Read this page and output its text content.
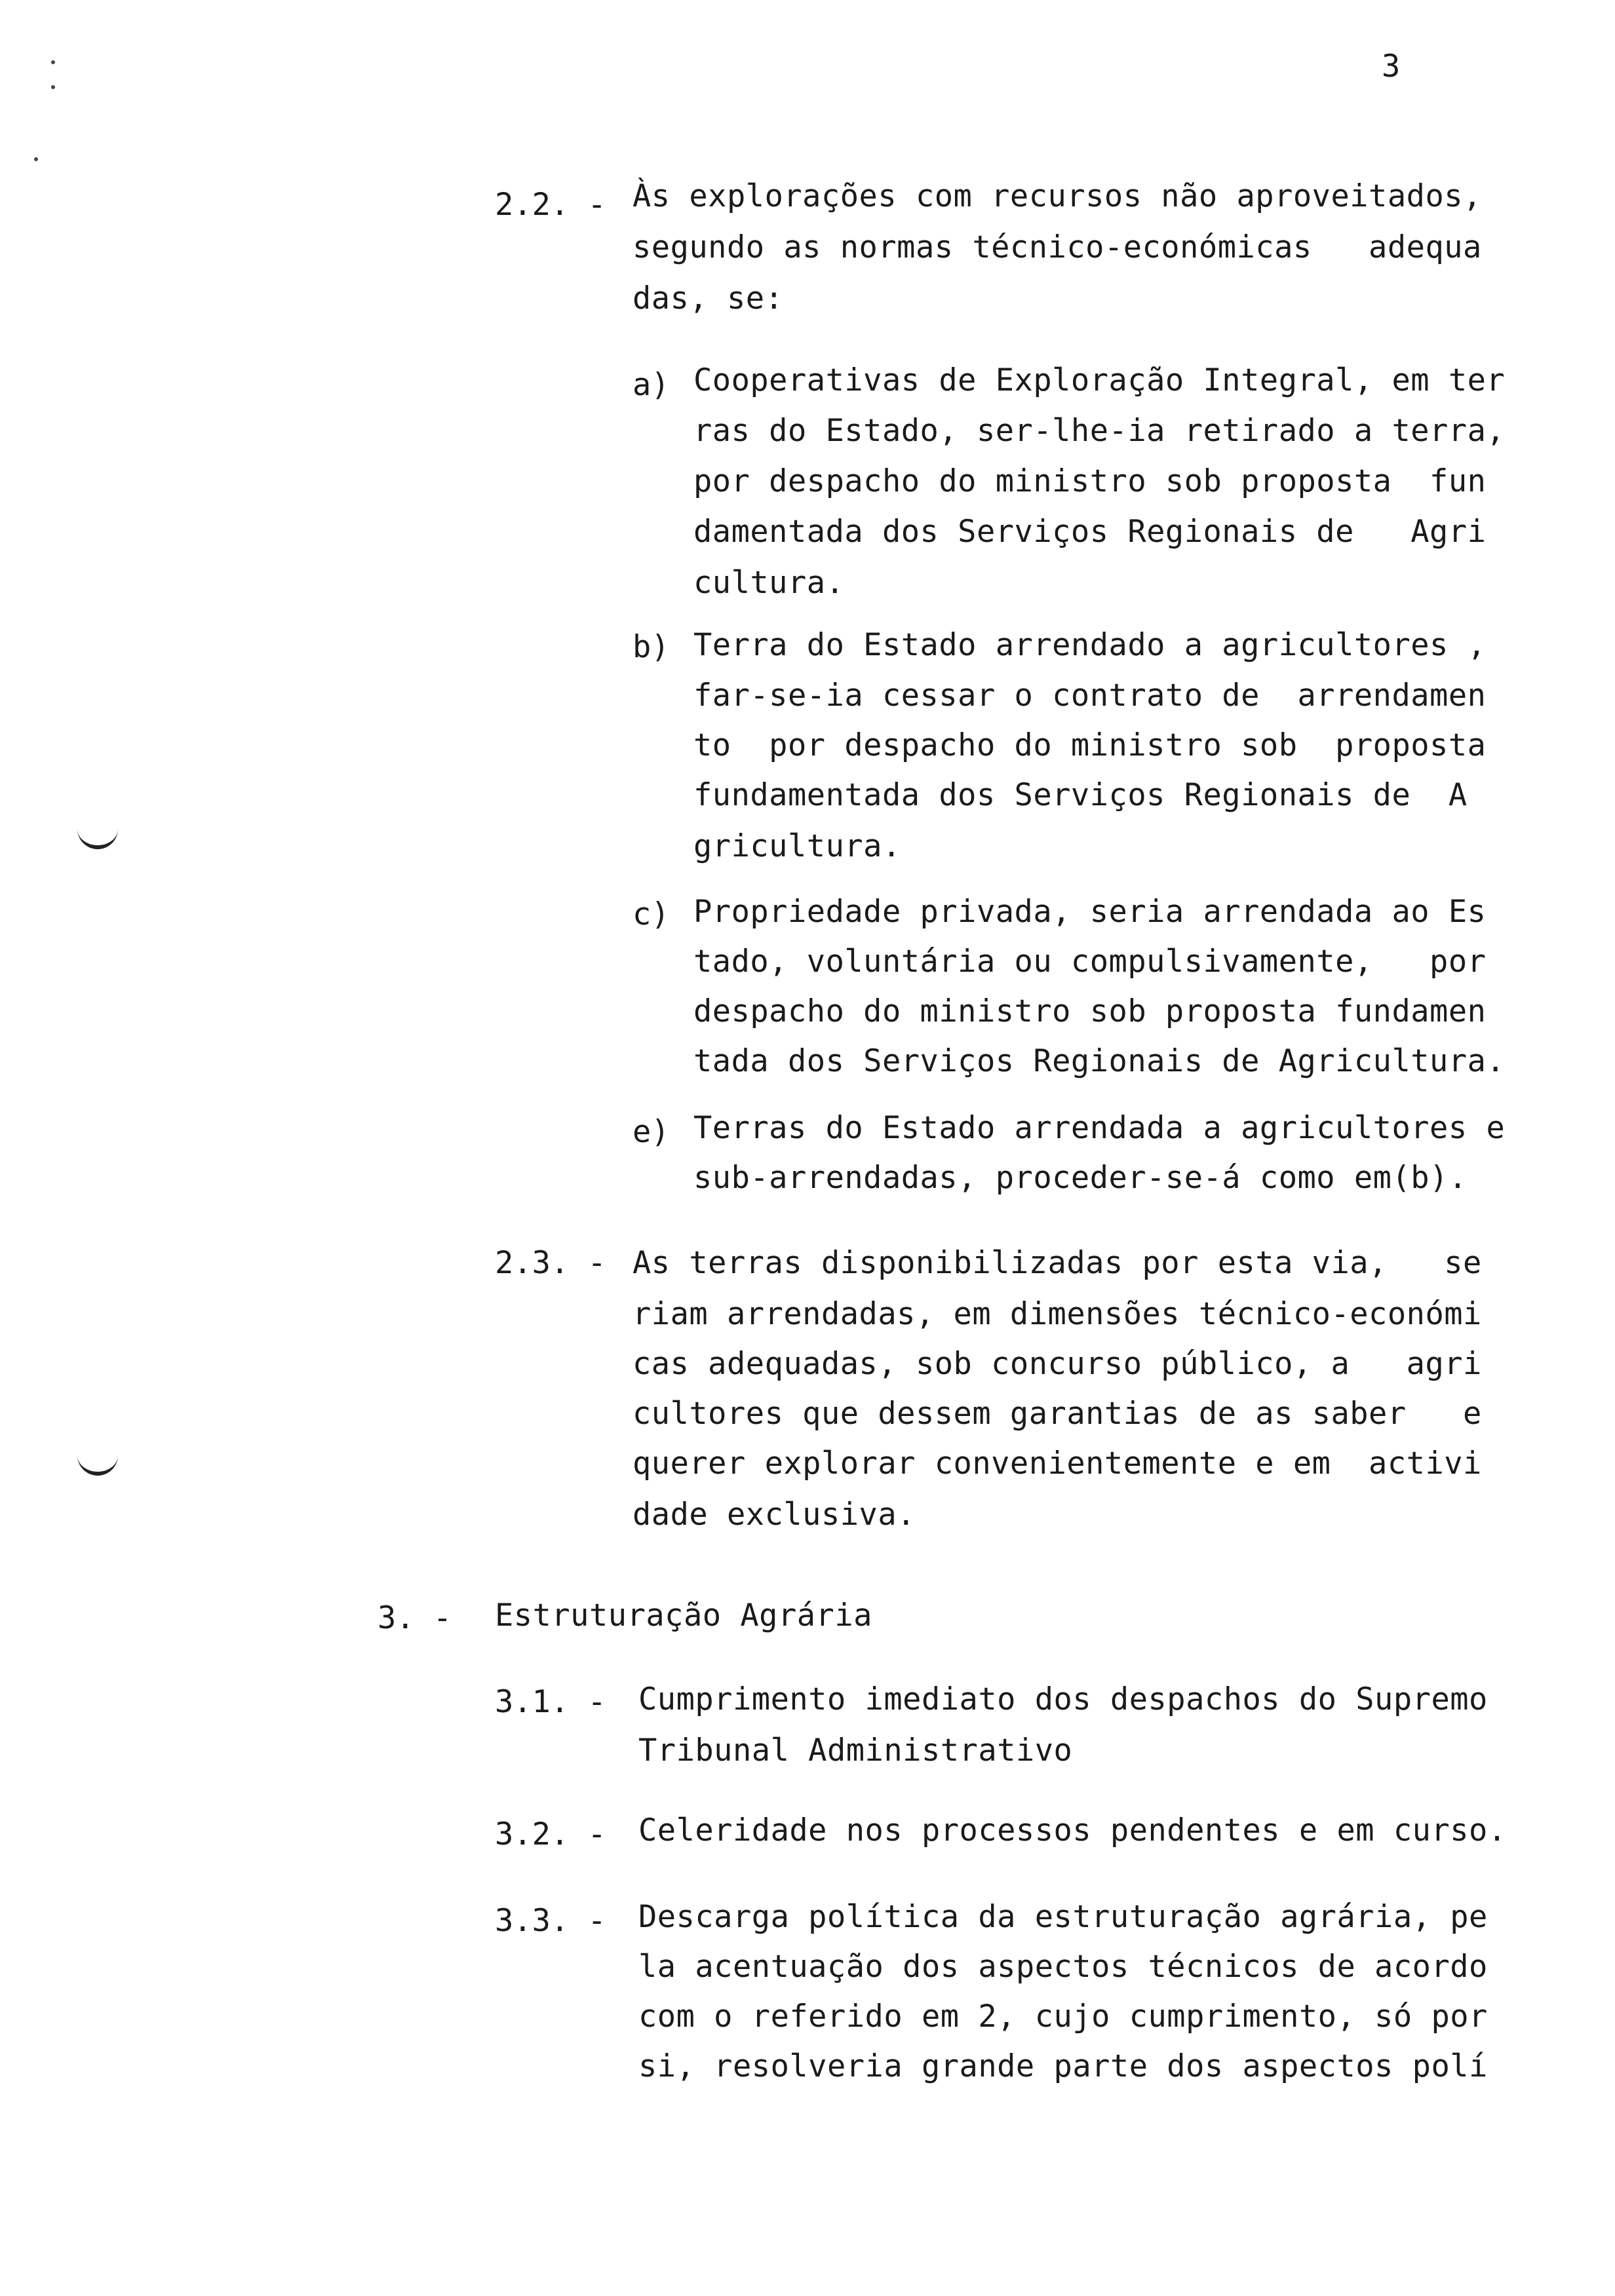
3
2.2. - Às explorações com recursos não aproveitados,
segundo as normas técnico-económicas   adequa
das, se:
a) Cooperativas de Exploração Integral, em ter
ras do Estado, ser-lhe-ia retirado a terra,
por despacho do ministro sob proposta  fun
damentada dos Serviços Regionais de   Agri
cultura.
b) Terra do Estado arrendado a agricultores ,
far-se-ia cessar o contrato de  arrendamen
to  por despacho do ministro sob  proposta
fundamentada dos Serviços Regionais de  A
gricultura.
c) Propriedade privada, seria arrendada ao Es
tado, voluntária ou compulsivamente,   por
despacho do ministro sob proposta fundamen
tada dos Serviços Regionais de Agricultura.
e) Terras do Estado arrendada a agricultores e
sub-arrendadas, proceder-se-á como em(b).
2.3. - As terras disponibilizadas por esta via,   se
riam arrendadas, em dimensões técnico-económi
cas adequadas, sob concurso público, a   agri
cultores que dessem garantias de as saber   e
querer explorar convenientemente e em  activi
dade exclusiva.
3. - Estruturação Agrária
3.1. - Cumprimento imediato dos despachos do Supremo
Tribunal Administrativo
3.2. - Celeridade nos processos pendentes e em curso.
3.3. - Descarga política da estruturação agrária, pe
la acentuação dos aspectos técnicos de acordo
com o referido em 2, cujo cumprimento, só por
si, resolveria grande parte dos aspectos polí
